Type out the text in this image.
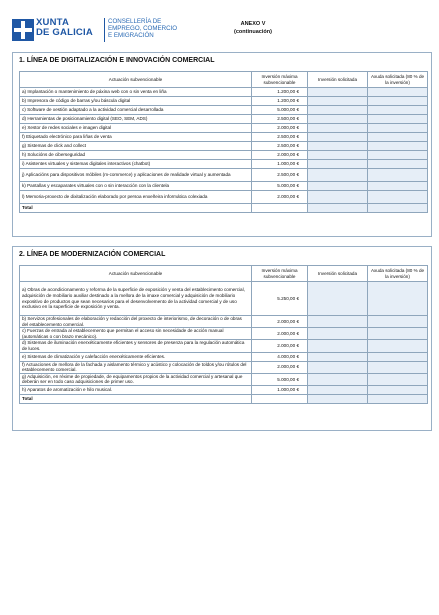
XUNTA
DE GALICIA
CONSELLERÍA DE
EMPREGO, COMERCIO
E EMIGRACIÓN
ANEXO V
(continuación)
1. LÍNEA DE DIGITALIZACIÓN E INNOVACIÓN COMERCIAL
Actuación subvencionable	Inversión máxima subvencionable	Inversión solicitada	Axuda solicitada (80 % de la inversión)
a) Implantación o mantenimiento de páxina web con o sin venta en liña	1.200,00 €		
b) Impresora de código de barras y/ou báscula digital	1.200,00 €		
c) Software de xestión adaptado a la actividad comercial desarrollada	5.000,00 €		
d) Herramientas de posicionamiento digital (SEO, SEM, ADS)	2.500,00 €		
e) Xestor de redes sociales e imagen digital	2.000,00 €		
f) Etiquetado electrónico para liñas de venta	2.500,00 €		
g) Sistemas de click and collect	2.500,00 €		
h) Solucións de ciberseguridad	2.000,00 €		
i) Asistentes virtuales y sistemas digitales interactivos (chatbot)	1.000,00 €		
j) Aplicacións para dispositivos móbiles (m-commerce) y aplicaciones de realidade virtual y aumentada	2.500,00 €		
k) Pantallas y escaparates virtuales con o sin interacción con la clientela	5.000,00 €		
l) Memoria-proxecto de dixitalización elaborado por persoa enxeñeira informática colexiada	2.000,00 €		
Total			
2. LÍNEA DE MODERNIZACIÓN COMERCIAL
Actuación subvencionable	Inversión máxima subvencionable	Inversión solicitada	Axuda solicitada (80 % de la inversión)
a) Obras de acondicionamento y reforma de la superficie de exposición y venta del establecimento comercial, adquisición de mobiliario auxiliar destinado a la mellora de la imaxe comercial y adquisición de mobiliario expositivo de productos que sean necesarios para el desenvolvemento de la actividad comercial y de uso exclusivo en la superficie de exposición y venta.	5.250,00 €		
b) Servizos profesionales de elaboración y redacción del proxecto de interiorismo, de decoración o de obras del establecemento comercial.	2.000,00 €		
c) Fuerzas de entrada al establecemento que permitan el acceso sin necesidade de acción manual (automáticas o con brazo mecánico).	2.000,00 €		
d) Sistemas de iluminación enerxéticamente eficientes y sensores de presenza para la regulación automática de luces.	2.000,00 €		
e) Sistemas de climatización y calefacción enerxéticamente eficientes.	4.000,00 €		
f) Actuaciones de mellora de la fachada y aislamento térmico y acústico y colocación de toldos y/ou rótulos del establecemento comercial.	2.000,00 €		
g) Adquisición, en réxime de propiedade, de equipamentos propios de la actividad comercial y artesanal que deberán ser en todo caso adquisiciones de primer uso.	5.000,00 €		
h) Aparatos de aromatización e hilo musical.	1.000,00 €		
Total			
